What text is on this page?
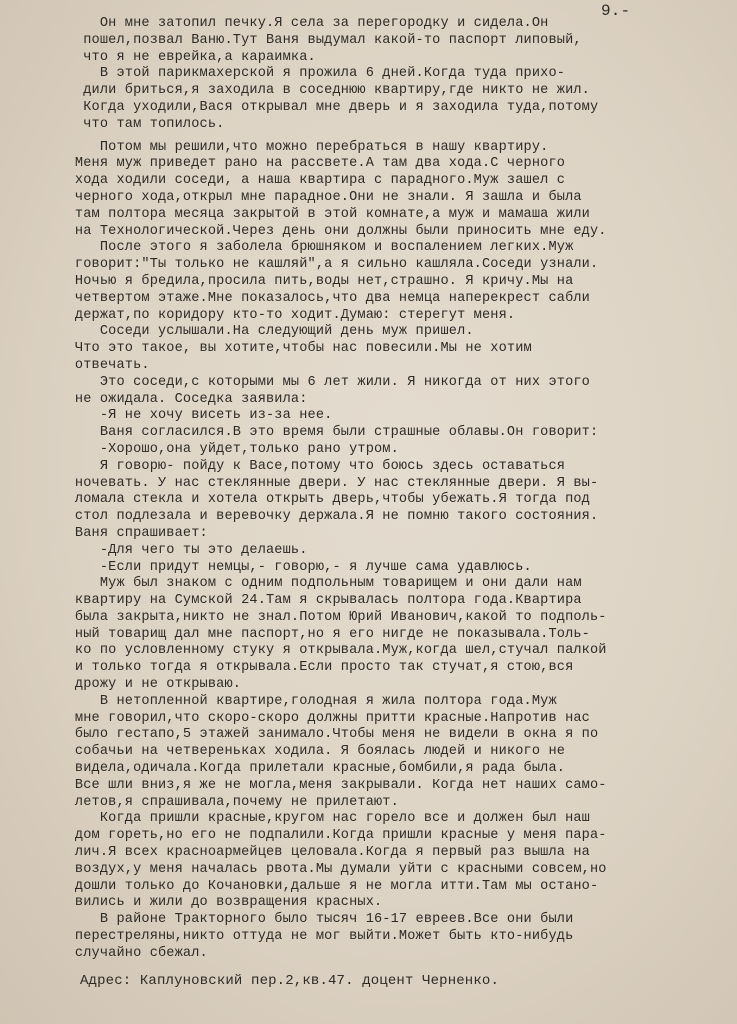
9.-
Он мне затопил печку.Я села за перегородку и сидела.Он
пошел,позвал Ваню.Тут Ваня выдумал какой-то паспорт липовый,
что я не еврейка,а караимка.
В этой парикмахерской я прожила 6 дней.Когда туда прихо-
дили бриться,я заходила в соседнюю квартиру,где никто не жил.
Когда уходили,Вася открывал мне дверь и я заходила туда,потому
что там топилось.
Потом мы решили,что можно перебраться в нашу квартиру.
Меня муж приведет рано на рассвете.А там два хода.С черного
хода ходили соседи, а наша квартира с парадного.Муж зашел с
черного хода,открыл мне парадное.Они не знали. Я зашла и была
там полтора месяца закрытой в этой комнате,а муж и мамаша жили
на Технологической.Через день они должны были приносить мне еду.
После этого я заболела брюшняком и воспалением легких.Муж
говорит:"Ты только не кашляй",а я сильно кашляла.Соседи узнали.
Ночью я бредила,просила пить,воды нет,страшно. Я кричу.Мы на
четвертом этаже.Мне показалось,что два немца наперекрест сабли
держат,по коридору кто-то ходит.Думаю: стерегут меня.
Соседи услышали.На следующий день муж пришел.
Что это такое, вы хотите,чтобы нас повесили.Мы не хотим
отвечать.
Это соседи,с которыми мы 6 лет жили. Я никогда от них этого
не ожидала. Соседка заявила:
-Я не хочу висеть из-за нее.
Ваня согласился.В это время были страшные облавы.Он говорит:
-Хорошо,она уйдет,только рано утром.
Я говорю- пойду к Васе,потому что боюсь здесь оставаться
ночевать. У нас стеклянные двери. У нас стеклянные двери. Я вы-
ломала стекла и хотела открыть дверь,чтобы убежать.Я тогда под
стол подлезала и веревочку держала.Я не помню такого состояния.
Ваня спрашивает:
-Для чего ты это делаешь.
-Если придут немцы,- говорю,- я лучше сама удавлюсь.
Муж был знаком с одним подпольным товарищем и они дали нам
квартиру на Сумской 24.Там я скрывалась полтора года.Квартира
была закрыта,никто не знал.Потом Юрий Иванович,какой то подполь-
ный товарищ дал мне паспорт,но я его нигде не показывала.Толь-
ко по условленному стуку я открывала.Муж,когда шел,стучал палкой
и только тогда я открывала.Если просто так стучат,я стою,вся
дрожу и не открываю.
В нетопленной квартире,голодная я жила полтора года.Муж
мне говорил,что скоро-скоро должны притти красные.Напротив нас
было гестапо,5 этажей занимало.Чтобы меня не видели в окна я по
собачьи на четвереньках ходила. Я боялась людей и никого не
видела,одичала.Когда прилетали красные,бомбили,я рада была.
Все шли вниз,я же не могла,меня закрывали. Когда нет наших само-
летов,я спрашивала,почему не прилетают.
Когда пришли красные,кругом нас горело все и должен был наш
дом гореть,но его не подпалили.Когда пришли красные у меня пара-
лич.Я всех красноармейцев целовала.Когда я первый раз вышла на
воздух,у меня началась рвота.Мы думали уйти с красными совсем,но
дошли только до Кочановки,дальше я не могла итти.Там мы остано-
вились и жили до возвращения красных.
В районе Тракторного было тысяч 16-17 евреев.Все они были
перестреляны,никто оттуда не мог выйти.Может быть кто-нибудь
случайно сбежал.
Адрес: Каплуновский пер.2,кв.47. доцент Черненко.
